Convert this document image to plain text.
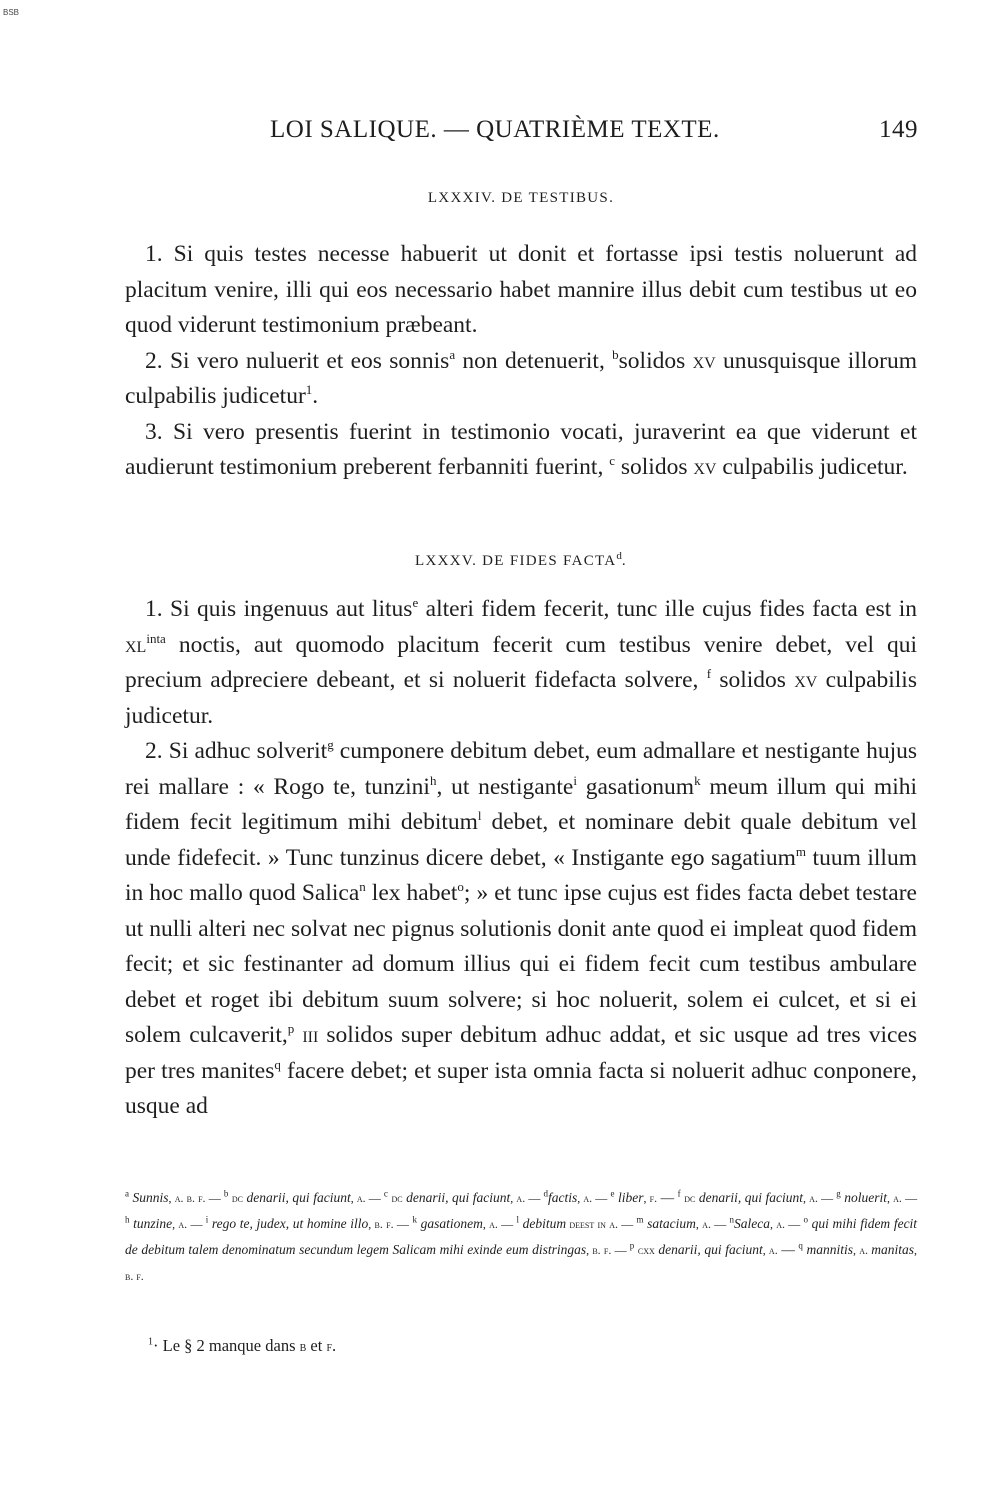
BSB
LOI SALIQUE. — QUATRIÈME TEXTE.	149
LXXXIV. DE TESTIBUS.

1. Si quis testes necesse habuerit ut donit et fortasse ipsi testis noluerunt ad placitum venire, illi qui eos necessario habet mannire illus debit cum testibus ut eo quod viderunt testimonium præbeant.

2. Si vero nuluerit et eos sonnis$^a$ non detenuerit, $^b$solidos xv unusquisque illorum culpabilis judicetur$^1$.

3. Si vero presentis fuerint in testimonio vocati, juraverint ea que viderunt et audierunt testimonium preberent ferbanniti fuerint, $^c$ solidos xv culpabilis judicetur.

LXXXV. DE FIDES FACTA$^d$.

1. Si quis ingenuus aut litus$^e$ alteri fidem fecerit, tunc ille cujus fides facta est in $xl^{inta}$ noctis, aut quomodo placitum fecerit cum testibus venire debet, vel qui precium adpreciere debeant, et si noluerit fidefacta solvere, $^f$ solidos xv culpabilis judicetur.

2. Si adhuc solverit$^g$ cumponere debitum debet, eum admallare et nestigante hujus rei mallare : « Rogo te, tunzini$^h$, ut nestigante$^i$ gasationum$^k$ meum illum qui mihi fidem fecit legitimum mihi debitum$^l$ debet, et nominare debit quale debitum vel unde fidefecit. » Tunc tunzinus dicere debet, « Instigante ego sagatium$^m$ tuum illum in hoc mallo quod Salica$^n$ lex habet$^o$; » et tunc ipse cujus est fides facta debet testare ut nulli alteri nec solvat nec pignus solutionis donit ante quod ei impleat quod fidem fecit; et sic festinanter ad domum illius qui ei fidem fecit cum testibus ambulare debet et roget ibi debitum suum solvere; si hoc noluerit, solem ei culcet, et si ei solem culcaverit,$^p$ iii solidos super debitum adhuc addat, et sic usque ad tres vices per tres manites$^q$ facere debet; et super ista omnia facta si noluerit adhuc conponere, usque ad

$^a$ Sunnis, a. b. f. — $^b$ dc denarii, qui faciunt, a. — $^c$ dc denarii, qui faciunt, a. — $^d$factis, a. — $^e$ liber, f. — $^f$ dc denarii, qui faciunt, a. — $^g$ noluerit, a. — $^h$ tunzine, a. — $^i$ rego te, judex, ut homine illo, b. f. — $^k$ gasationem, a. — $^l$ debitum deest in a. — $^m$ satacium, a. — $^n$Saleca, a. — $^o$ qui mihi fidem fecit de debitum talem denominatum secundum legem Salicam mihi exinde eum distringas, b. f. — $^p$ cxx denarii, qui faciunt, a. — $^q$ mannitis, a. manitas, b. f.

$^1$· Le § 2 manque dans b et f.
